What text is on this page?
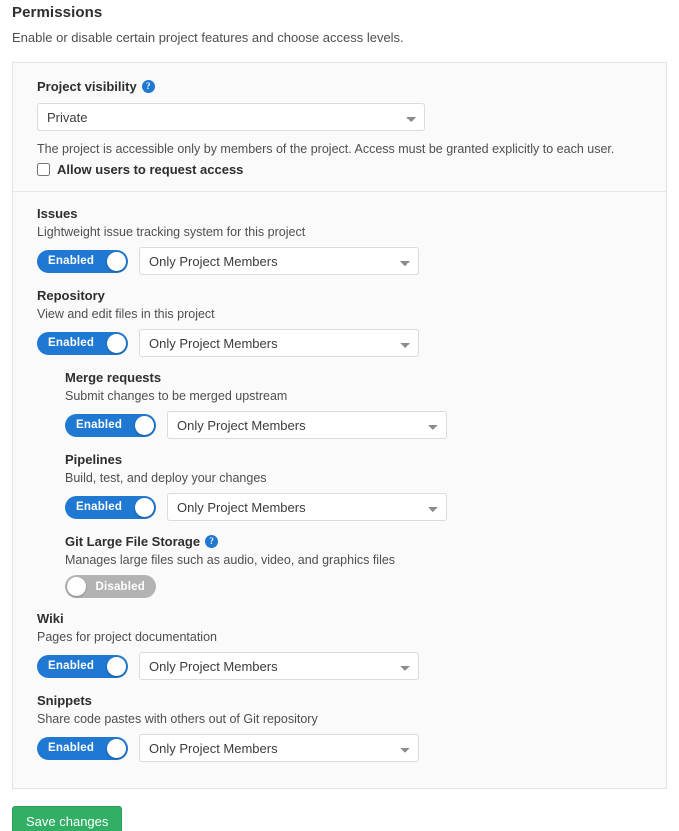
Permissions
Enable or disable certain project features and choose access levels.
Project visibility	?
Private
The project is accessible only by members of the project. Access must be granted explicitly to each user.
Allow users to request access
Issues
Lightweight issue tracking system for this project
Enabled
Only Project Members
Repository
View and edit files in this project
Enabled
Only Project Members
Merge requests
Submit changes to be merged upstream
Enabled
Only Project Members
Pipelines
Build, test, and deploy your changes
Enabled
Only Project Members
Git Large File Storage	?
Manages large files such as audio, video, and graphics files
Disabled
Wiki
Pages for project documentation
Enabled
Only Project Members
Snippets
Share code pastes with others out of Git repository
Enabled
Only Project Members
Save changes
